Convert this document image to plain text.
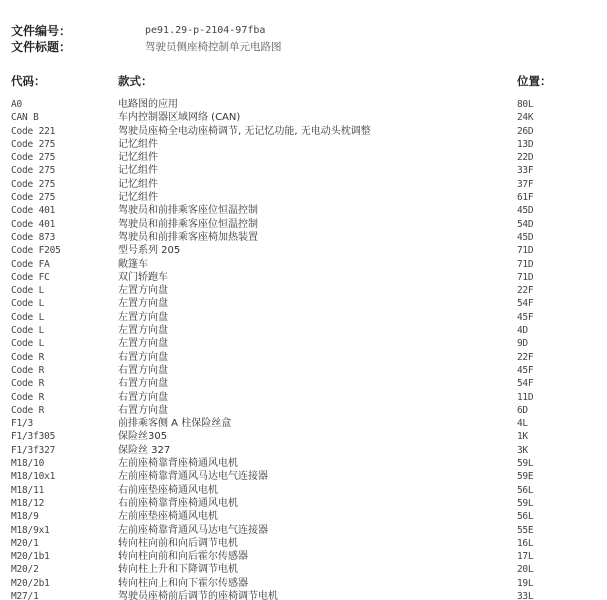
文件编号：	pe91.29-p-2104-97fba
文件标题：	驾驶员侧座椅控制单元电路图
代码：	款式：	位置：
A0	电路图的应用	80L
CAN B	车内控制器区域网络 (CAN)	24K
Code 221	驾驶员座椅全电动座椅调节, 无记忆功能, 无电动头枕调整	26D
Code 275	记忆组件	13D
Code 275	记忆组件	22D
Code 275	记忆组件	33F
Code 275	记忆组件	37F
Code 275	记忆组件	61F
Code 401	驾驶员和前排乘客座位恒温控制	45D
Code 401	驾驶员和前排乘客座位恒温控制	54D
Code 873	驾驶员和前排乘客座椅加热装置	45D
Code F205	型号系列 205	71D
Code FA	敞篷车	71D
Code FC	双门轿跑车	71D
Code L	左置方向盘	22F
Code L	左置方向盘	54F
Code L	左置方向盘	45F
Code L	左置方向盘	4D
Code L	左置方向盘	9D
Code R	右置方向盘	22F
Code R	右置方向盘	45F
Code R	右置方向盘	54F
Code R	右置方向盘	11D
Code R	右置方向盘	6D
F1/3	前排乘客侧 A 柱保险丝盒	4L
F1/3f305	保险丝305	1K
F1/3f327	保险丝 327	3K
M18/10	左前座椅靠背座椅通风电机	59L
M18/10x1	左前座椅靠背通风马达电气连接器	59E
M18/11	右前座垫座椅通风电机	56L
M18/12	右前座椅靠背座椅通风电机	59L
M18/9	左前座垫座椅通风电机	56L
M18/9x1	左前座椅靠背通风马达电气连接器	55E
M20/1	转向柱向前和向后调节电机	16L
M20/1b1	转向柱向前和向后霍尔传感器	17L
M20/2	转向柱上升和下降调节电机	20L
M20/2b1	转向柱向上和向下霍尔传感器	19L
M27/1	驾驶员座椅前后调节的座椅调节电机	33L
